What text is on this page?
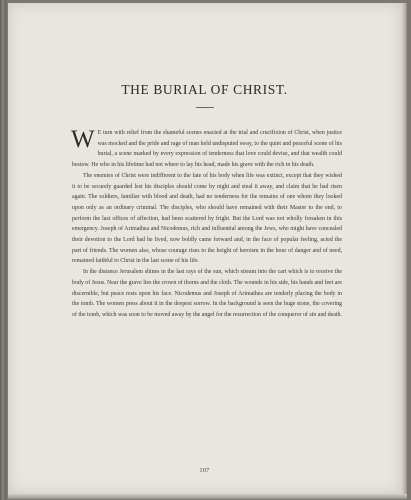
THE BURIAL OF CHRIST.

W E turn with relief from the shameful scenes enacted at the trial and crucifixion of Christ, when justice was mocked and the pride and rage of man held undisputed sway, to the quiet and peaceful scene of his burial, a scene marked by every expression of tenderness that love could devise, and that wealth could bestow. He who in his lifetime had not where to lay his head, made his grave with the rich in his death.

The enemies of Christ were indifferent to the fate of his body when life was extinct, except that they wished it to be securely guarded lest his disciples should come by night and steal it away, and claim that he had risen again. The soldiers, familiar with blood and death, had no tenderness for the remains of one whom they looked upon only as an ordinary criminal. The disciples, who should have remained with their Master to the end, to perform the last offices of affection, had been scattered by fright. But the Lord was not wholly forsaken in this emergency. Joseph of Arimathea and Nicodemus, rich and influential among the Jews, who might have concealed their devotion to the Lord had he lived, now boldly came forward and, in the face of popular feeling, acted the part of friends. The women also, whose courage rises to the height of heroism in the hour of danger and of need, remained faithful to Christ in the last scene of his life.

In the distance Jerusalem shines in the last rays of the sun, which stream into the cart which is to receive the body of Jesus. Near the grave lies the crown of thorns and the cloth. The wounds in his side, his hands and feet are discernible, but peace rests upon his face. Nicodemus and Joseph of Arimathea are tenderly placing the body in the tomb. The women press about it in the deepest sorrow. In the background is seen the huge stone, the covering of the tomb, which was soon to be moved away by the angel for the resurrection of the conqueror of sin and death.

107
